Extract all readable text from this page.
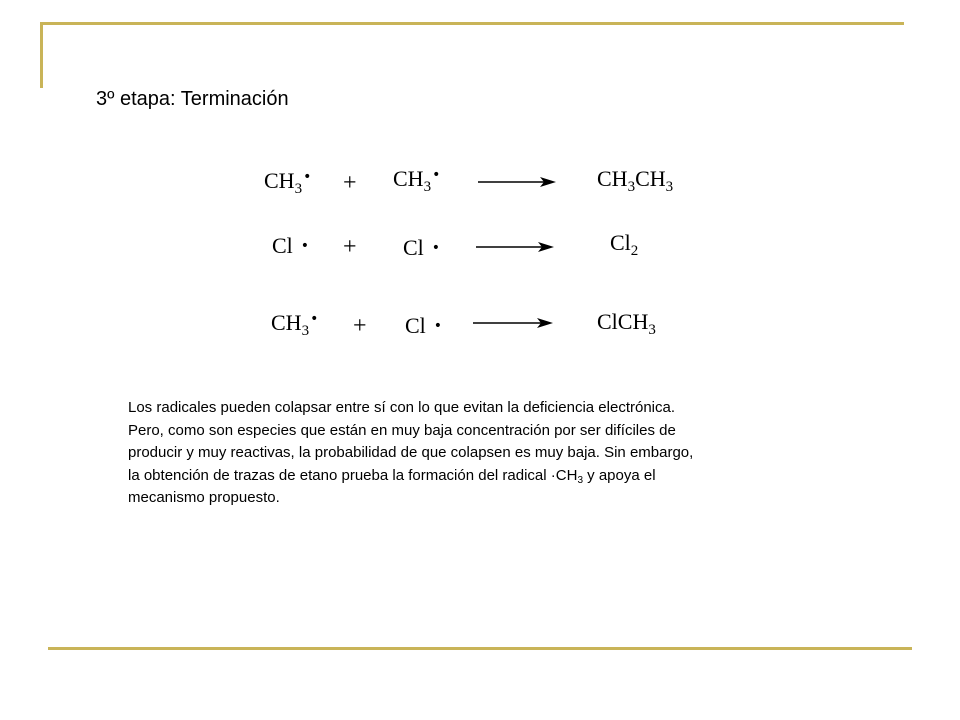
3º etapa: Terminación
$CH_3^• + CH_3^•$	$CH_3CH_3$
Cl • + Cl •	$Cl_2$
$CH_3^• + Cl$ •	ClCH$_3$
Los radicales pueden colapsar entre sí con lo que evitan la deficiencia electrónica.
Pero, como son especies que están en muy baja concentración por ser difíciles de
producir y muy reactivas, la probabilidad de que colapsen es muy baja. Sin embargo,
la obtención de trazas de etano prueba la formación del radical $\cdot CH_3$ y apoya el
mecanismo propuesto.
